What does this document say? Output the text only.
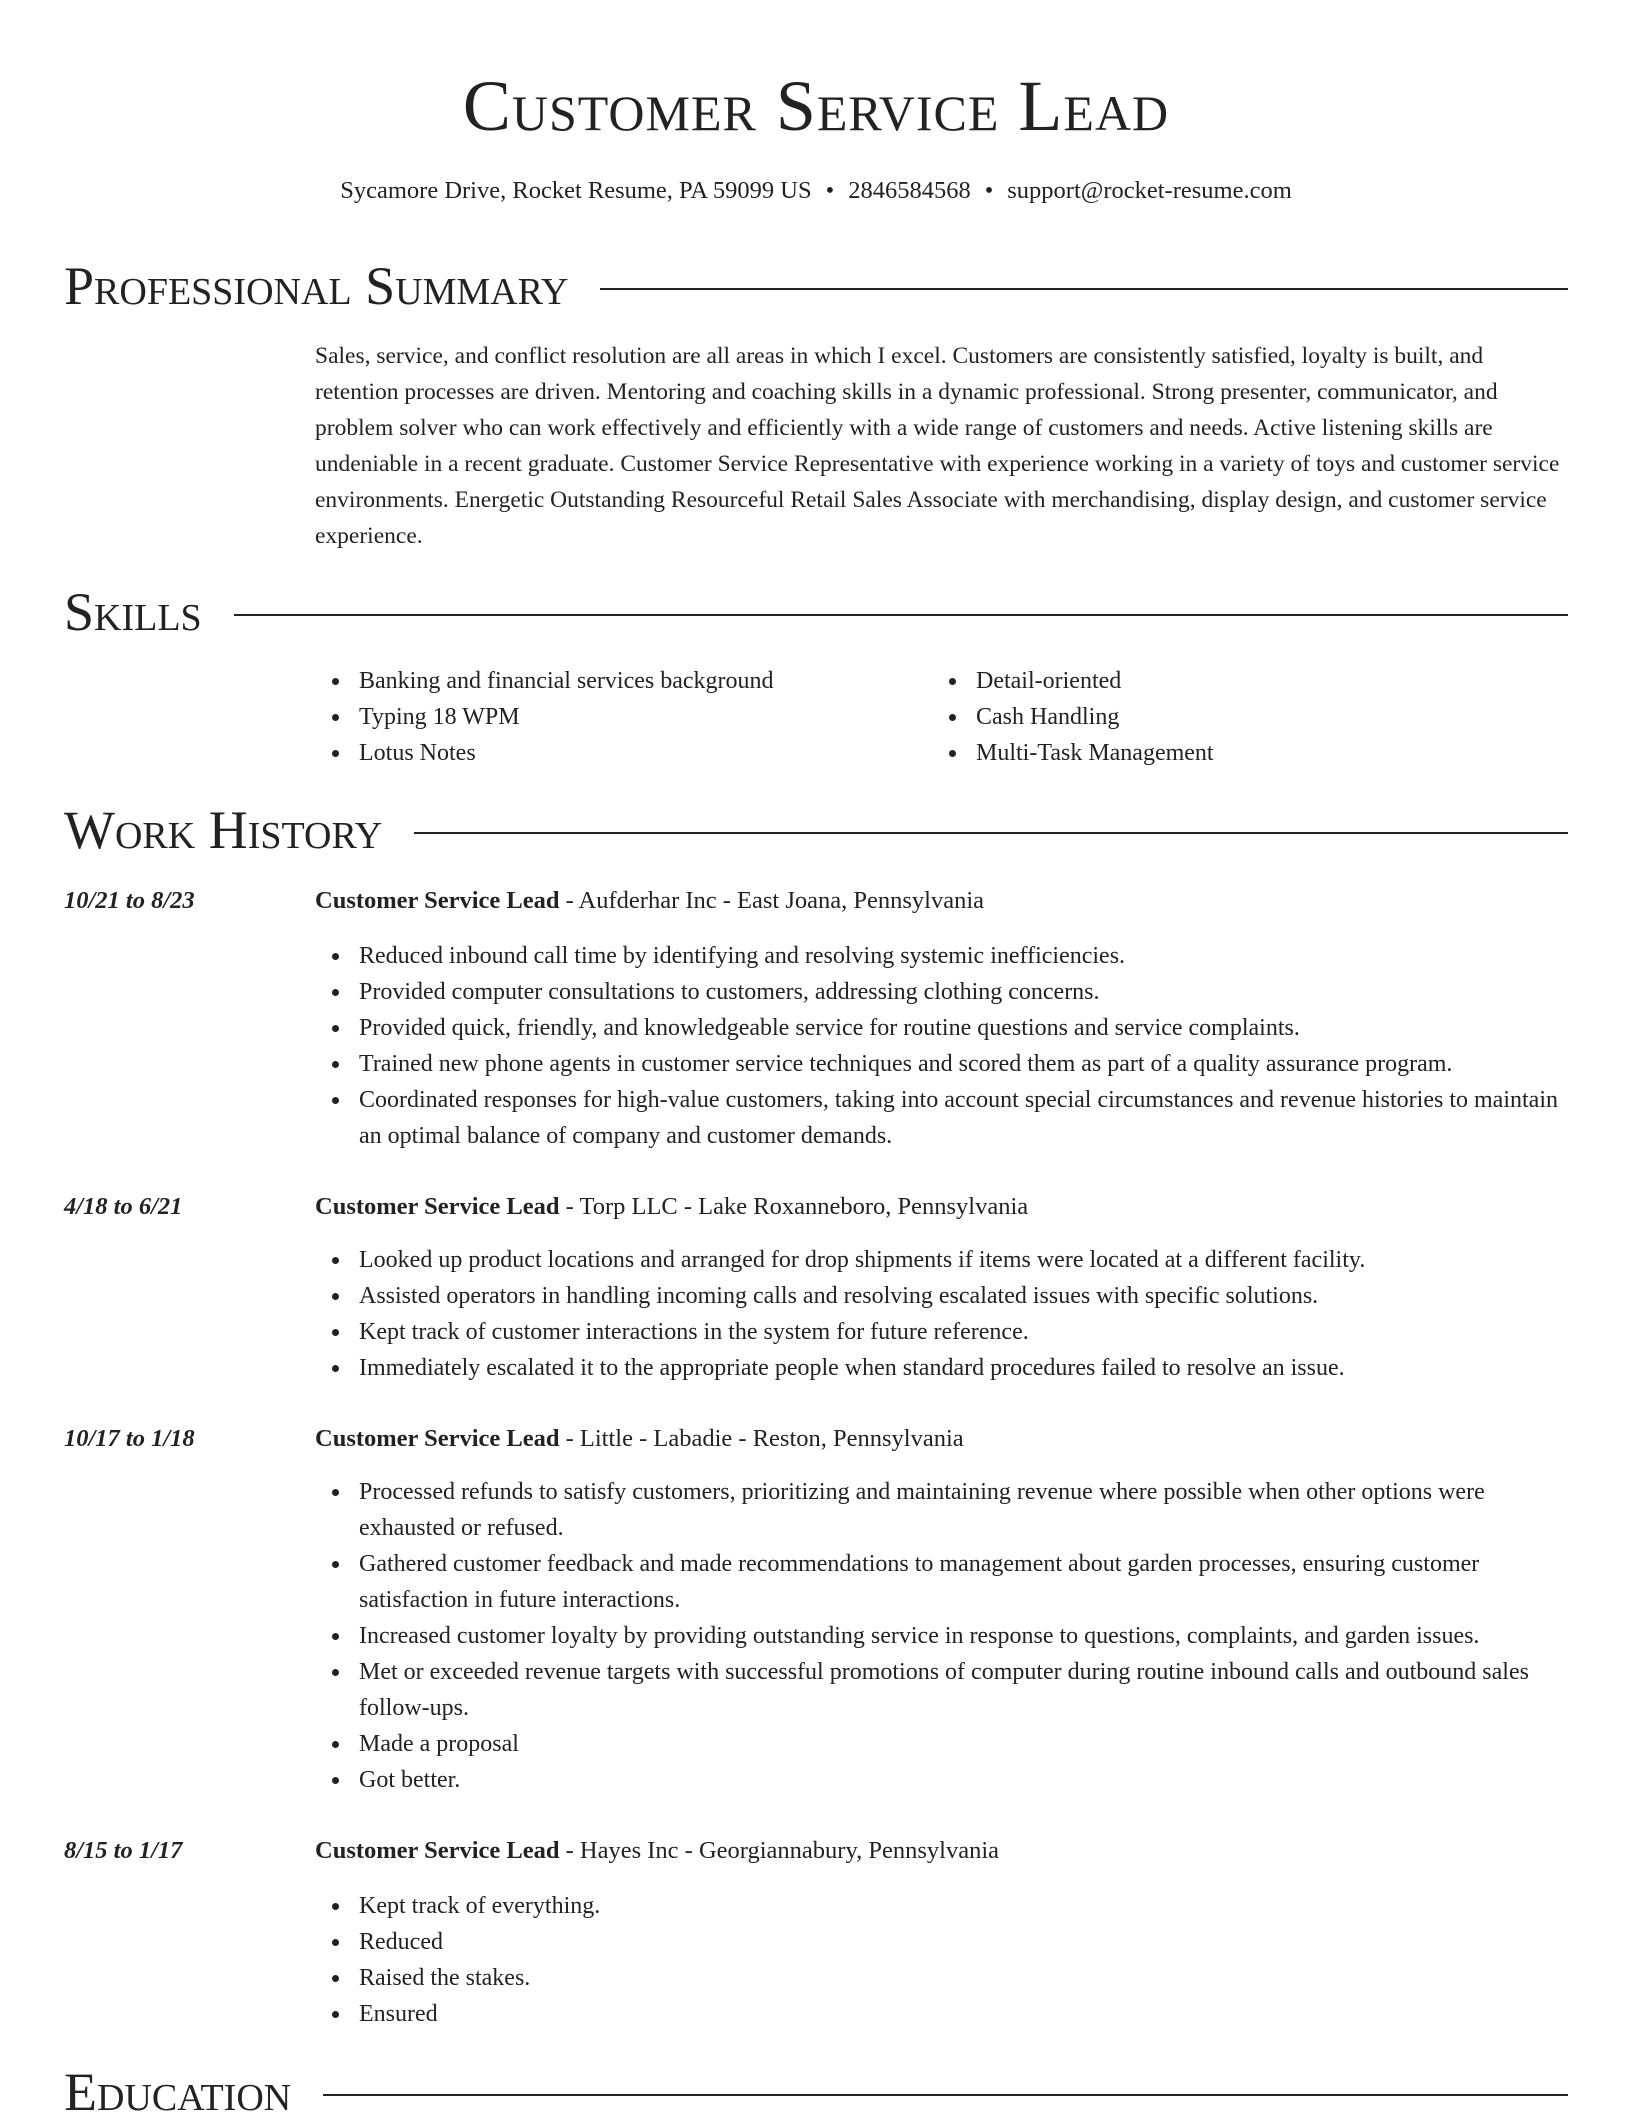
Customer Service Lead
Sycamore Drive, Rocket Resume, PA 59099 US • 2846584568 • support@rocket-resume.com
Professional Summary

Sales, service, and conflict resolution are all areas in which I excel. Customers are consistently satisfied, loyalty is built, and retention processes are driven. Mentoring and coaching skills in a dynamic professional. Strong presenter, communicator, and problem solver who can work effectively and efficiently with a wide range of customers and needs. Active listening skills are undeniable in a recent graduate. Customer Service Representative with experience working in a variety of toys and customer service environments. Energetic Outstanding Resourceful Retail Sales Associate with merchandising, display design, and customer service experience.

Skills
Banking and financial services background
Typing 18 WPM
Lotus Notes
Detail-oriented
Cash Handling
Multi-Task Management
Work History
10/21 to 8/23	Customer Service Lead - Aufderhar Inc - East Joana, Pennsylvania
Reduced inbound call time by identifying and resolving systemic inefficiencies.
Provided computer consultations to customers, addressing clothing concerns.
Provided quick, friendly, and knowledgeable service for routine questions and service complaints.
Trained new phone agents in customer service techniques and scored them as part of a quality assurance program.
Coordinated responses for high-value customers, taking into account special circumstances and revenue histories to maintain an optimal balance of company and customer demands.
4/18 to 6/21	Customer Service Lead - Torp LLC - Lake Roxanneboro, Pennsylvania
Looked up product locations and arranged for drop shipments if items were located at a different facility.
Assisted operators in handling incoming calls and resolving escalated issues with specific solutions.
Kept track of customer interactions in the system for future reference.
Immediately escalated it to the appropriate people when standard procedures failed to resolve an issue.
10/17 to 1/18	Customer Service Lead - Little - Labadie - Reston, Pennsylvania
Processed refunds to satisfy customers, prioritizing and maintaining revenue where possible when other options were exhausted or refused.
Gathered customer feedback and made recommendations to management about garden processes, ensuring customer satisfaction in future interactions.
Increased customer loyalty by providing outstanding service in response to questions, complaints, and garden issues.
Met or exceeded revenue targets with successful promotions of computer during routine inbound calls and outbound sales follow-ups.
Made a proposal
Got better.
8/15 to 1/17	Customer Service Lead - Hayes Inc - Georgiannabury, Pennsylvania
Kept track of everything.
Reduced
Raised the stakes.
Ensured
Education
